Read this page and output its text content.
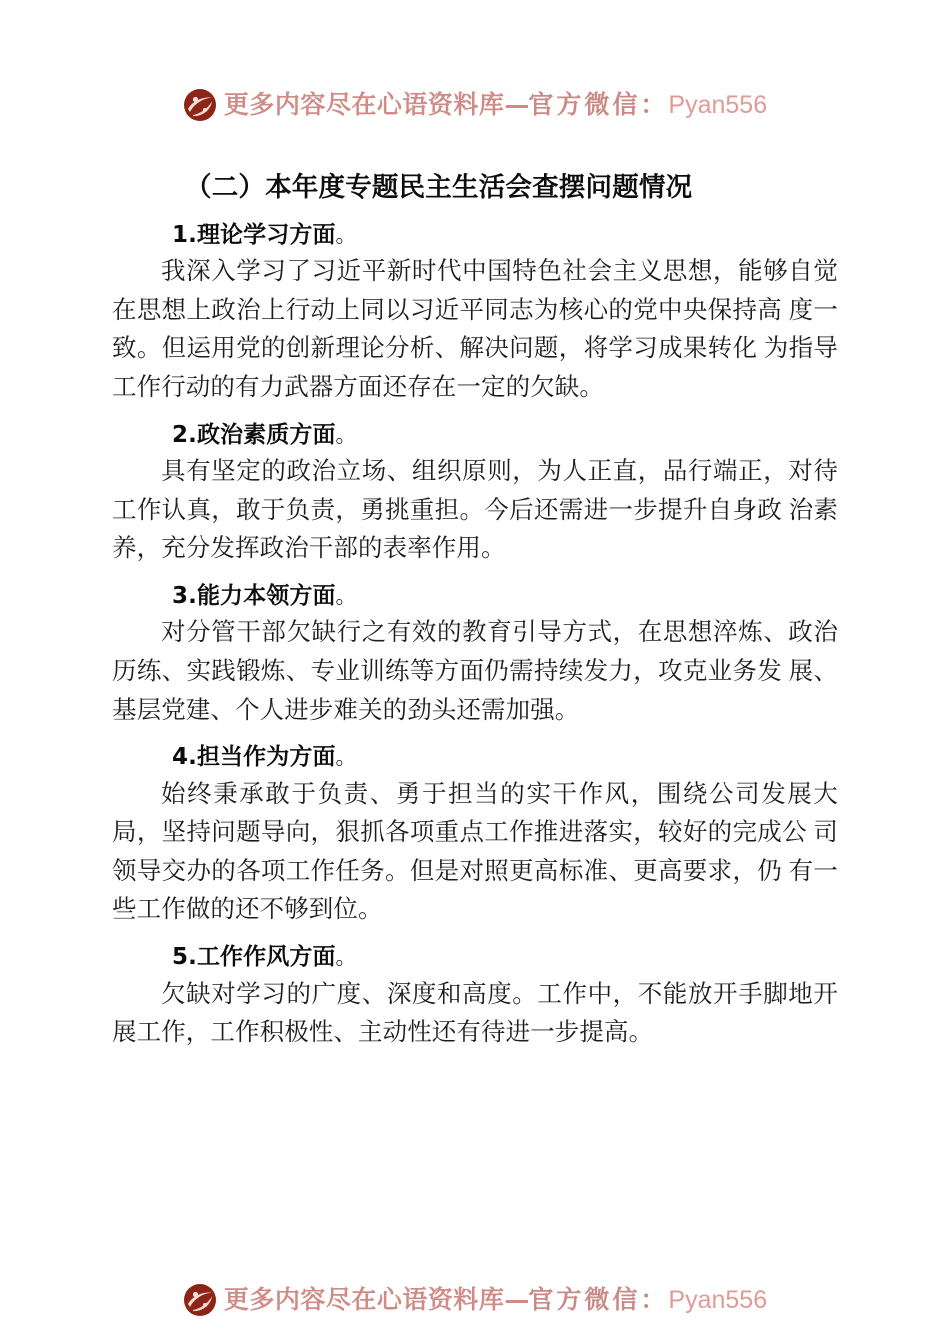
更多内容尽在心语资料库—官方微信：Pyan556
（二）本年度专题民主生活会查摆问题情况
1.理论学习方面。

我深入学习了习近平新时代中国特色社会主义思想，能够自觉在思想上政治上行动上同以习近平同志为核心的党中央保持高 度一致。但运用党的创新理论分析、解决问题，将学习成果转化 为指导工作行动的有力武器方面还存在一定的欠缺。

2.政治素质方面。

具有坚定的政治立场、组织原则，为人正直，品行端正，对待工作认真，敢于负责，勇挑重担。今后还需进一步提升自身政 治素养，充分发挥政治干部的表率作用。

3.能力本领方面。

对分管干部欠缺行之有效的教育引导方式，在思想淬炼、政治历练、实践锻炼、专业训练等方面仍需持续发力，攻克业务发 展、基层党建、个人进步难关的劲头还需加强。

4.担当作为方面。

始终秉承敢于负责、勇于担当的实干作风，围绕公司发展大局，坚持问题导向，狠抓各项重点工作推进落实，较好的完成公 司领导交办的各项工作任务。但是对照更高标准、更高要求，仍 有一些工作做的还不够到位。

5.工作作风方面。

欠缺对学习的广度、深度和高度。工作中，不能放开手脚地开展工作，工作积极性、主动性还有待进一步提高。

更多内容尽在心语资料库—官方微信：Pyan556
